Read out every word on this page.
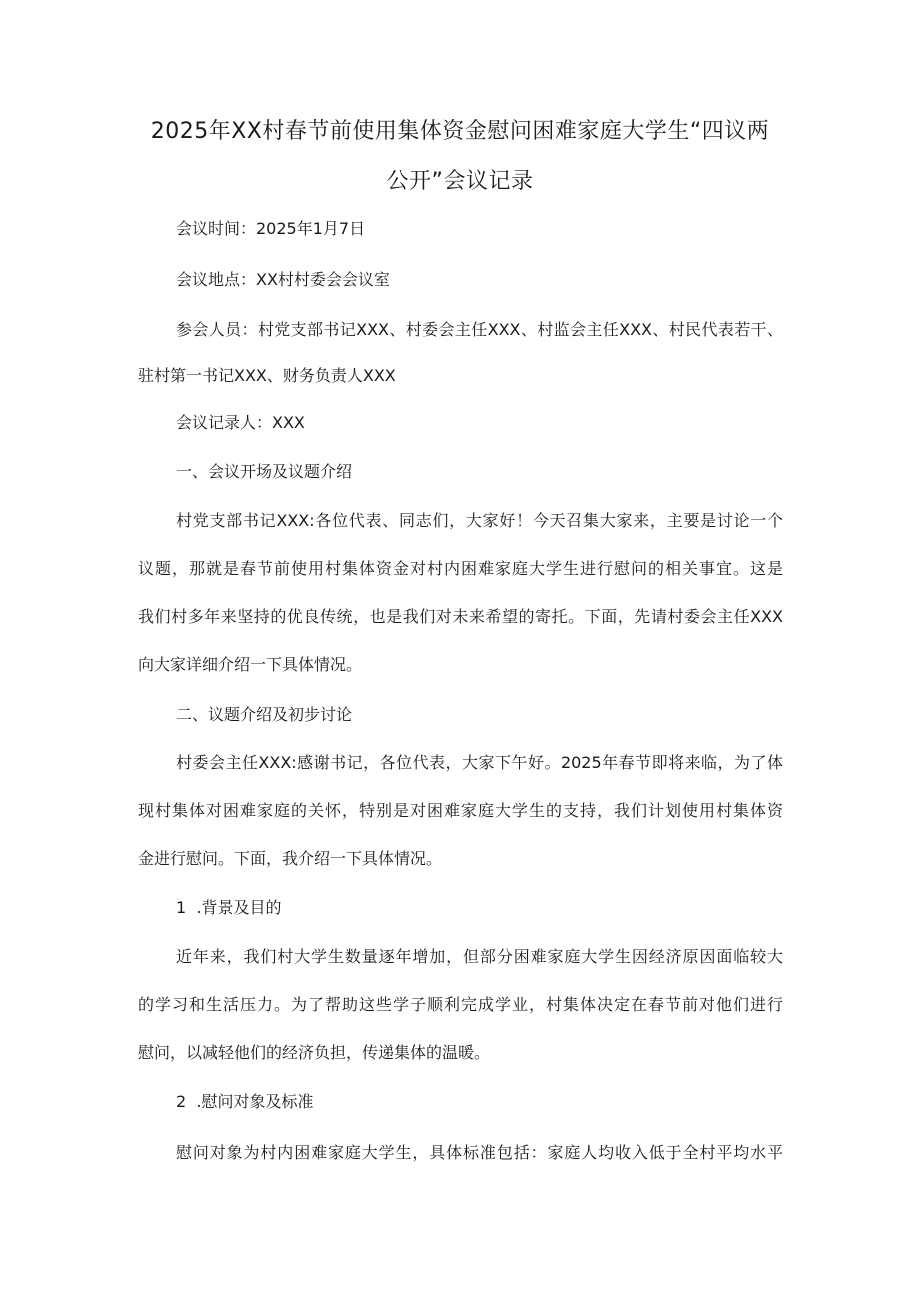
2025年XX村春节前使用集体资金慰问困难家庭大学生“四议两
公开”会议记录

会议时间：2025年1月7日

会议地点：XX村村委会会议室

参会人员：村党支部书记XXX、村委会主任XXX、村监会主任XXX、村民代表若干、

驻村第一书记XXX、财务负责人XXX

会议记录人：XXX

一、会议开场及议题介绍

村党支部书记XXX:各位代表、同志们，大家好！今天召集大家来，主要是讨论一个

议题，那就是春节前使用村集体资金对村内困难家庭大学生进行慰问的相关事宜。这是

我们村多年来坚持的优良传统，也是我们对未来希望的寄托。下面，先请村委会主任XXX

向大家详细介绍一下具体情况。

二、议题介绍及初步讨论

村委会主任XXX:感谢书记，各位代表，大家下午好。2025年春节即将来临，为了体

现村集体对困难家庭的关怀，特别是对困难家庭大学生的支持，我们计划使用村集体资

金进行慰问。下面，我介绍一下具体情况。

1  .背景及目的

近年来，我们村大学生数量逐年增加，但部分困难家庭大学生因经济原因面临较大

的学习和生活压力。为了帮助这些学子顺利完成学业，村集体决定在春节前对他们进行

慰问，以减轻他们的经济负担，传递集体的温暖。

2  .慰问对象及标准

慰问对象为村内困难家庭大学生，具体标准包括：家庭人均收入低于全村平均水平
